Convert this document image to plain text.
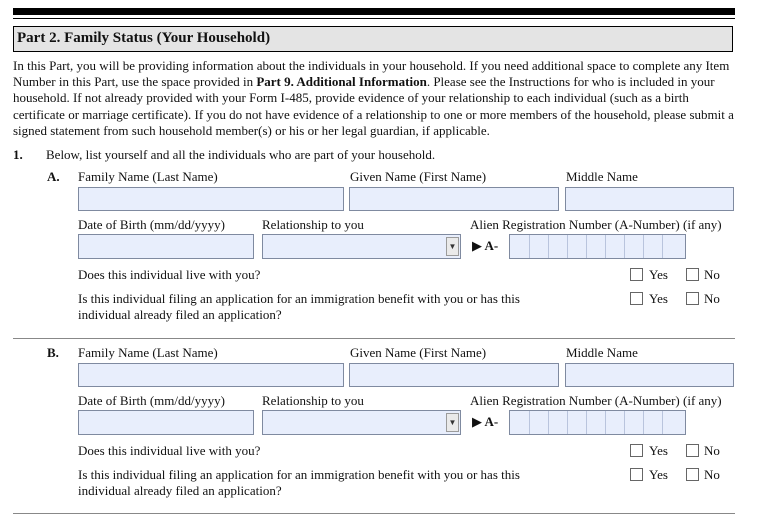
Part 2. Family Status (Your Household)
In this Part, you will be providing information about the individuals in your household. If you need additional space to complete any Item Number in this Part, use the space provided in Part 9. Additional Information. Please see the Instructions for who is included in your household. If not already provided with your Form I-485, provide evidence of your relationship to each individual (such as a birth certificate or marriage certificate). If you do not have evidence of a relationship to one or more members of the household, please submit a signed statement from such household member(s) or his or her legal guardian, if applicable.
1. Below, list yourself and all the individuals who are part of your household.
A. Family Name (Last Name)	Given Name (First Name)	Middle Name
Date of Birth (mm/dd/yyyy)	Relationship to you	Alien Registration Number (A-Number) (if any)
▼ ▶ A-
Does this individual live with you?	Yes	No
Is this individual filing an application for an immigration benefit with you or has this
individual already filed an application?
Yes	No
B. Family Name (Last Name)	Given Name (First Name)	Middle Name
Date of Birth (mm/dd/yyyy)	Relationship to you	Alien Registration Number (A-Number) (if any)
▼ ▶ A-
Does this individual live with you?	Yes	No
Is this individual filing an application for an immigration benefit with you or has this
individual already filed an application?
Yes	No
